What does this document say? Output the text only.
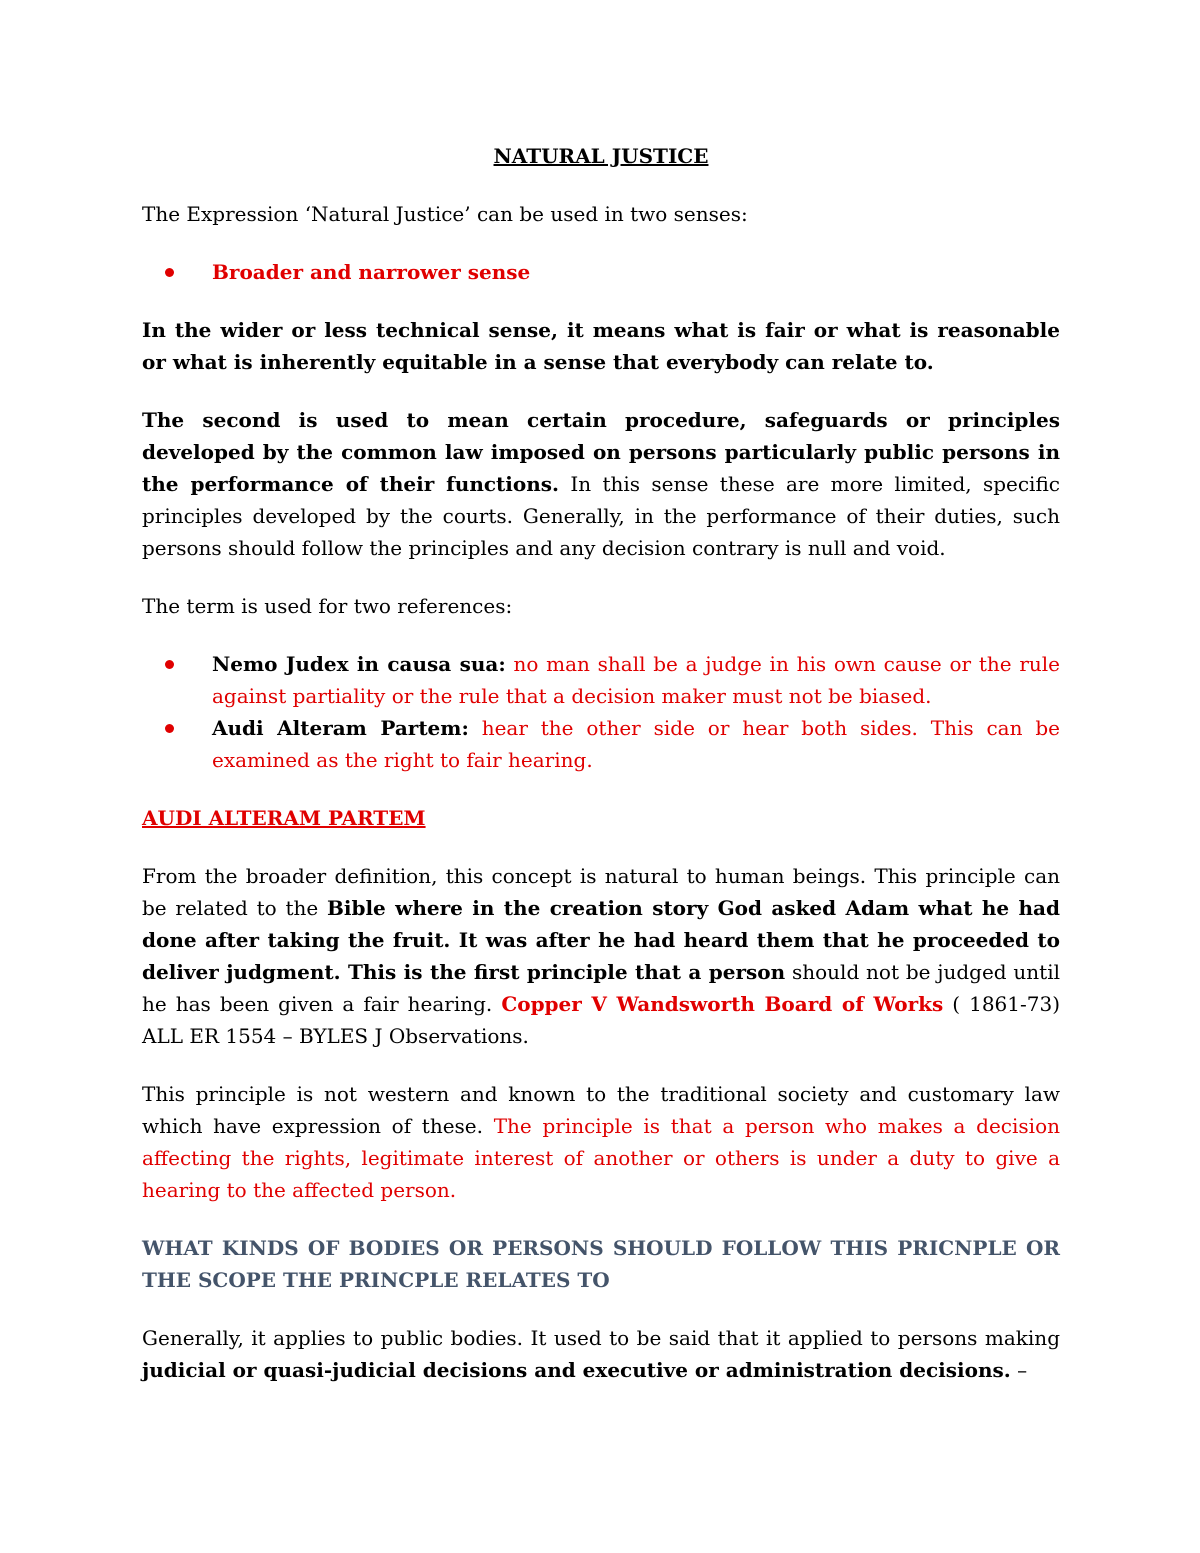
NATURAL JUSTICE

The Expression ‘Natural Justice’ can be used in two senses:

Broader and narrower sense

In the wider or less technical sense, it means what is fair or what is reasonable or what is inherently equitable in a sense that everybody can relate to.

The second is used to mean certain procedure, safeguards or principles developed by the common law imposed on persons particularly public persons in the performance of their functions. In this sense these are more limited, specific principles developed by the courts. Generally, in the performance of their duties, such persons should follow the principles and any decision contrary is null and void.

The term is used for two references:

Nemo Judex in causa sua: no man shall be a judge in his own cause or the rule against partiality or the rule that a decision maker must not be biased.
Audi Alteram Partem: hear the other side or hear both sides. This can be examined as the right to fair hearing.

AUDI ALTERAM PARTEM

From the broader definition, this concept is natural to human beings. This principle can be related to the Bible where in the creation story God asked Adam what he had done after taking the fruit. It was after he had heard them that he proceeded to deliver judgment. This is the first principle that a person should not be judged until he has been given a fair hearing. Copper V Wandsworth Board of Works ( 1861-73) ALL ER 1554 – BYLES J Observations.

This principle is not western and known to the traditional society and customary law which have expression of these. The principle is that a person who makes a decision affecting the rights, legitimate interest of another or others is under a duty to give a hearing to the affected person.

WHAT KINDS OF BODIES OR PERSONS SHOULD FOLLOW THIS PRICNPLE OR THE SCOPE THE PRINCPLE RELATES TO

Generally, it applies to public bodies. It used to be said that it applied to persons making judicial or quasi-judicial decisions and executive or administration decisions. –
